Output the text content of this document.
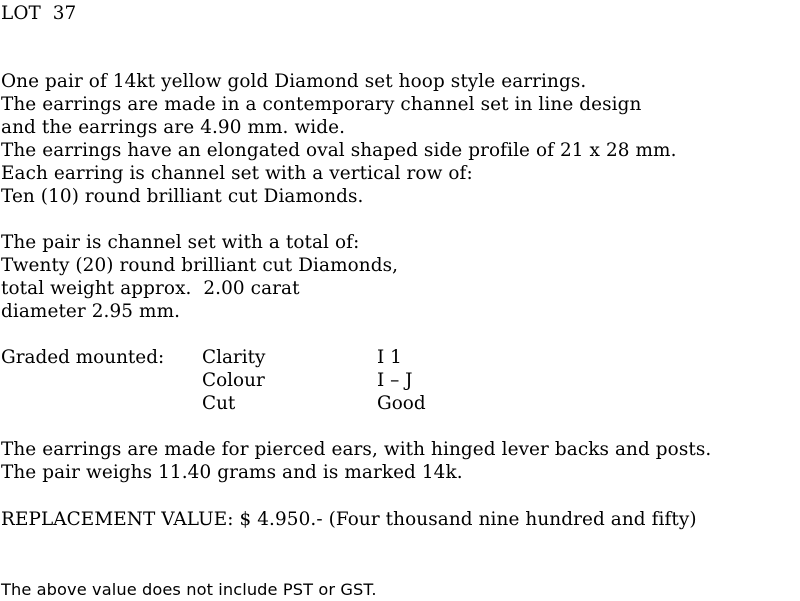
LOT  37
One pair of 14kt yellow gold Diamond set hoop style earrings.
The earrings are made in a contemporary channel set in line design
and the earrings are 4.90 mm. wide.
The earrings have an elongated oval shaped side profile of 21 x 28 mm.
Each earring is channel set with a vertical row of:
Ten (10) round brilliant cut Diamonds.
The pair is channel set with a total of:
Twenty (20) round brilliant cut Diamonds,
total weight approx.  2.00 carat
diameter 2.95 mm.
Graded mounted: Clarity	I 1
Colour	I – J
Cut	Good
The earrings are made for pierced ears, with hinged lever backs and posts.
The pair weighs 11.40 grams and is marked 14k.
REPLACEMENT VALUE: $ 4.950.- (Four thousand nine hundred and fifty)
The above value does not include PST or GST.
